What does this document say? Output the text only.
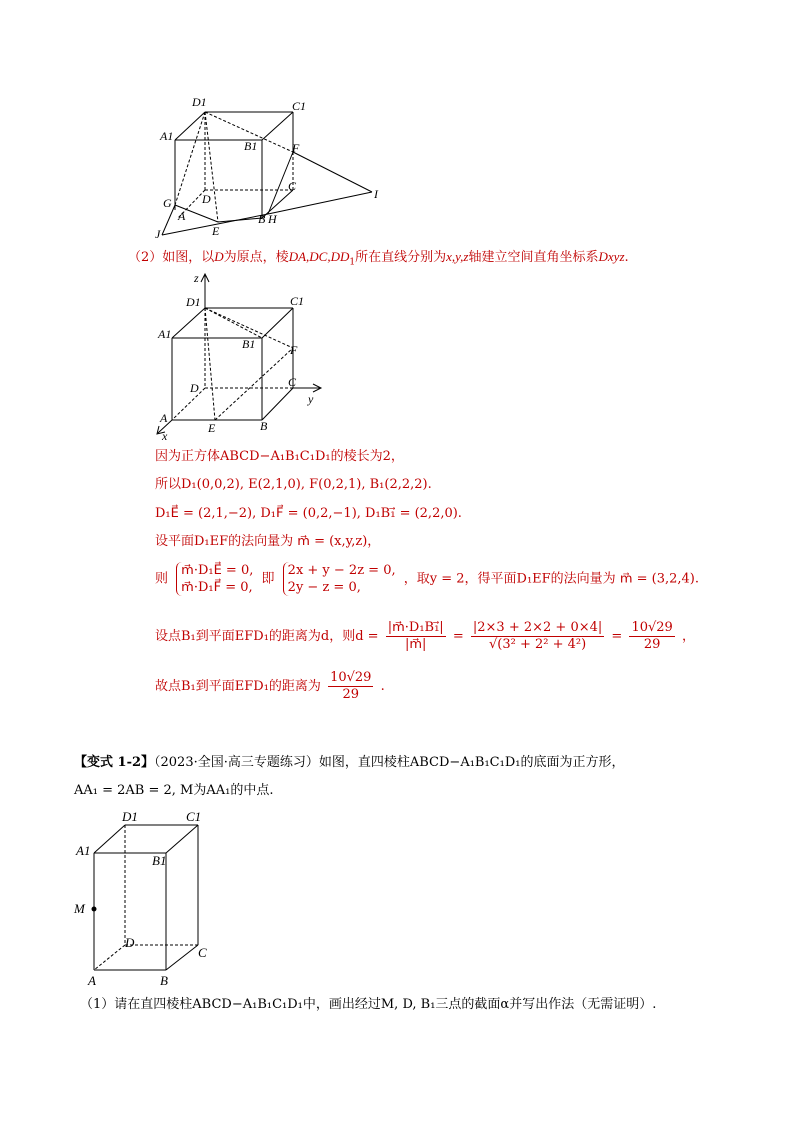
D1	C1
A1
B1	F
C
D	I
G
A	B H
J	E
（2）如图，以D为原点，棱$DA,DC,DD_1$所在直线分别为x,y,z轴建立空间直角坐标系Dxyz.
z
D1	C1
A1
B1	F
D	C
y
A
E	B
x
因为正方体ABCD−A₁B₁C₁D₁的棱长为2，
所以D₁(0,0,2), E(2,1,0), F(0,2,1), B₁(2,2,2).
D₁E⃗ = (2,1,−2), D₁F⃗ = (0,2,−1), D₁B₁⃗ = (2,2,0).
设平面D₁EF的法向量为 m⃗ = (x,y,z)，
则 m⃗·D₁E⃗ = 0,
m⃗·D₁F⃗ = 0, 即 2x + y − 2z = 0,
2y − z = 0, ，取y = 2，得平面D₁EF的法向量为 m⃗ = (3,2,4).
设点B₁到平面EFD₁的距离为d，则$d = \frac{\text{|m⃗·D₁B₁⃗|}}{|m⃗|} = \frac{|2\times 3 + 2\times 2 + 0\times 4|}{\text{√(3² + 2² + 4²)}} = \frac{10√29}{29}$ ，
故点B₁到平面EFD₁的距离为 $\frac{10√29}{29}$ .
【变式 1-2】（2023·全国·高三专题练习）如图，直四棱柱ABCD−A₁B₁C₁D₁的底面为正方形，
AA₁ = 2AB = 2, M为AA₁的中点.
D1	C1
A1
B1
M
D
C
A	B
（1）请在直四棱柱ABCD−A₁B₁C₁D₁中，画出经过M, D, B₁三点的截面α并写出作法（无需证明）.
